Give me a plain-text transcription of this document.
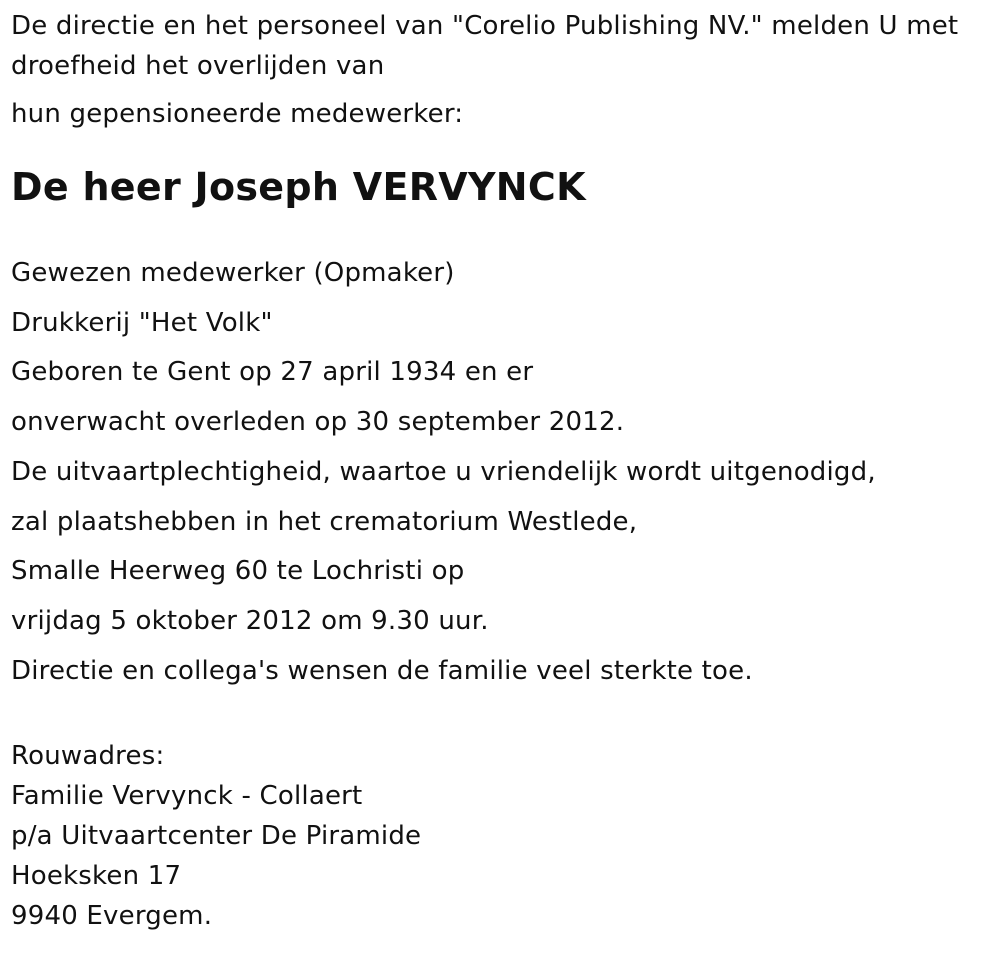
De directie en het personeel van "Corelio Publishing NV." melden U met

droefheid het overlijden van

hun gepensioneerde medewerker:

De heer Joseph VERVYNCK

Gewezen medewerker (Opmaker)

Drukkerij "Het Volk"

Geboren te Gent op 27 april 1934 en er

onverwacht overleden op 30 september 2012.

De uitvaartplechtigheid, waartoe u vriendelijk wordt uitgenodigd,

zal plaatshebben in het crematorium Westlede,

Smalle Heerweg 60 te Lochristi op

vrijdag 5 oktober 2012 om 9.30 uur.

Directie en collega's wensen de familie veel sterkte toe.

Rouwadres:

Familie Vervynck - Collaert

p/a Uitvaartcenter De Piramide

Hoeksken 17

9940 Evergem.
